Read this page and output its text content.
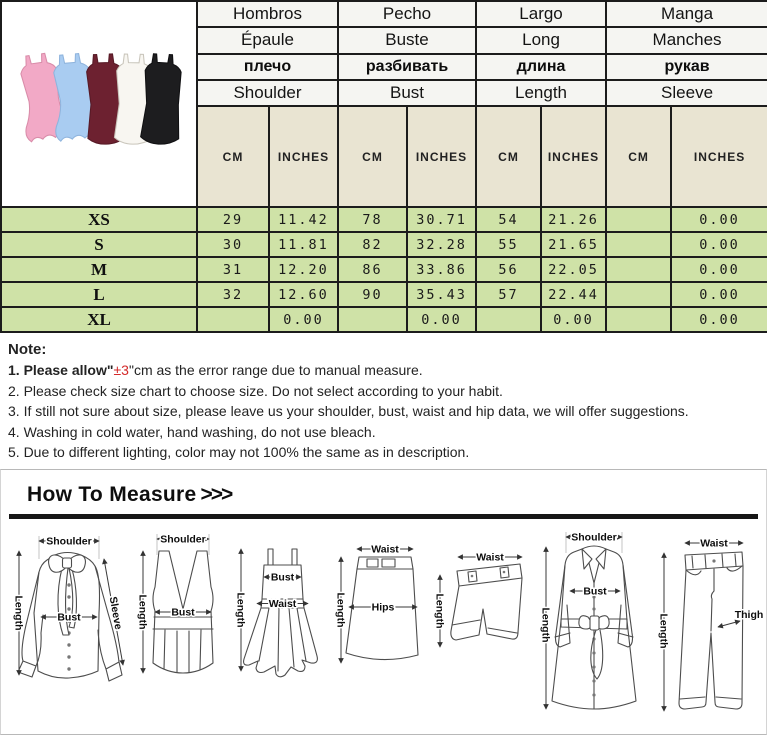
	Hombros		Pecho		Largo		Manga	
	Épaule		Buste		Long		Manches	
	плечо		разбивать		длина		рукав	
	Shoulder		Bust		Length		Sleeve	
	CM	INCHES	CM	INCHES	CM	INCHES	CM	INCHES
XS	29	11.42	78	30.71	54	21.26		0.00
S	30	11.81	82	32.28	55	21.65		0.00
M	31	12.20	86	33.86	56	22.05		0.00
L	32	12.60	90	35.43	57	22.44		0.00
XL		0.00		0.00		0.00		0.00
Note:
1. Please allow"±3"cm as the error range due to manual measure.
2. Please check size chart to choose size. Do not select according to your habit.
3. If still not sure about size, please leave us your shoulder, bust, waist and hip data, we will offer suggestions.
4. Washing in cold water, hand washing, do not use bleach.
5. Due to different lighting, color may not 100% the same as in description.
How To Measure >>>
Shoulder
Length	Bust Sleeve
Shoulder
Length Bust	Length
Bust
Waist	Length
Waist
Hips	Length
Waist
Shoulder
Length
Bust
Length
Waist
Thigh
